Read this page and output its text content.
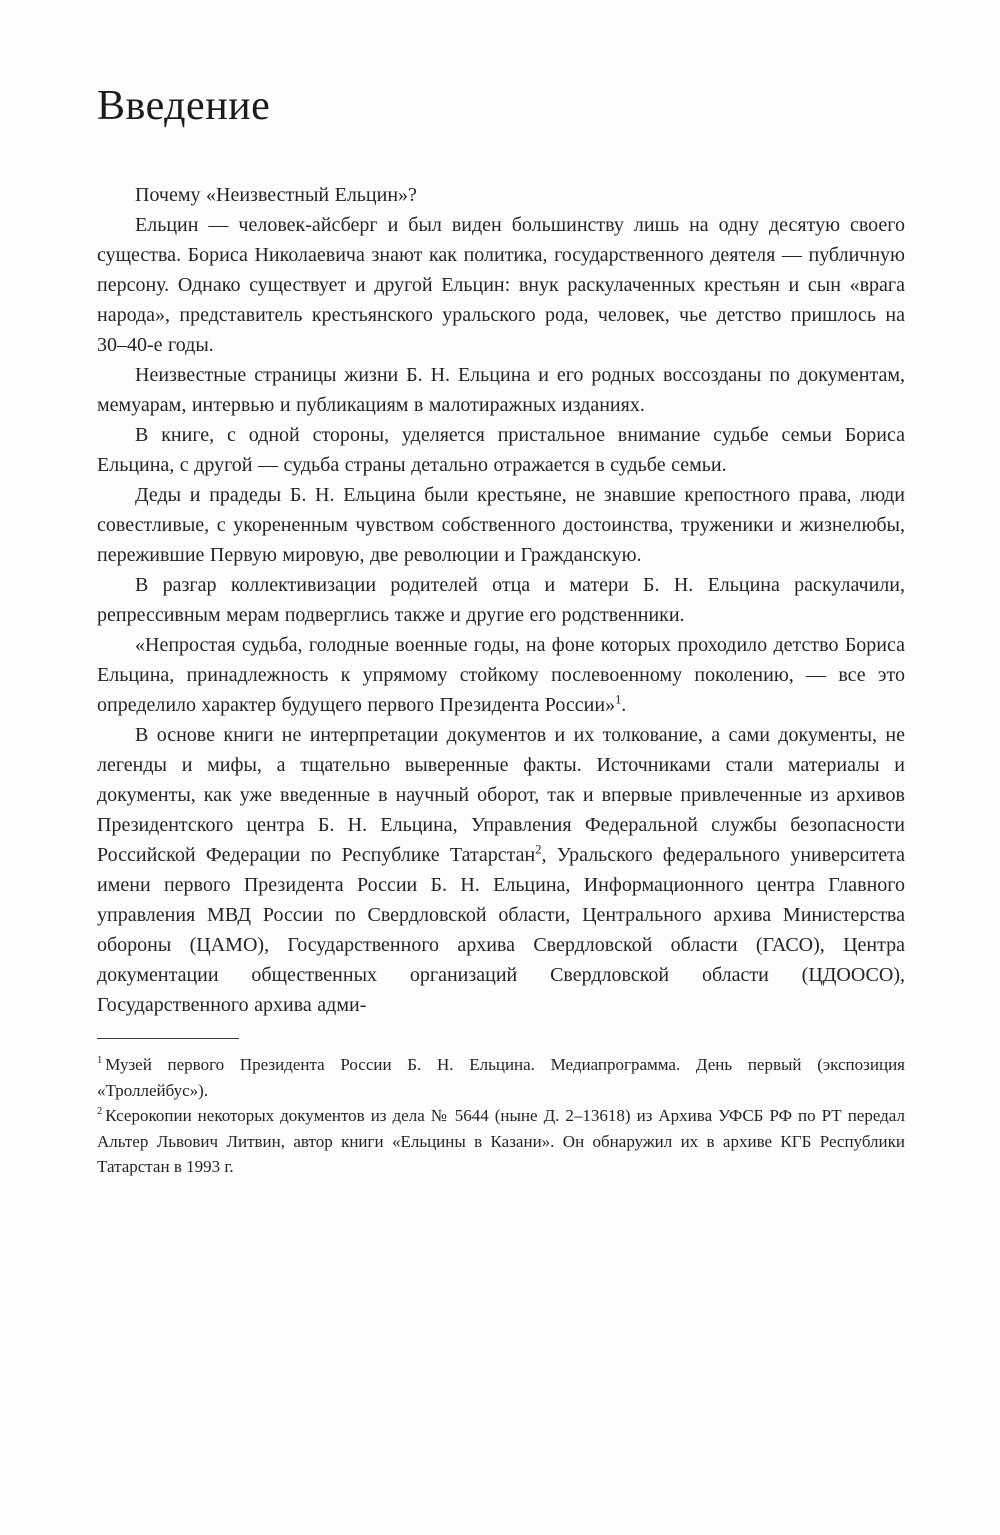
Введение

Почему «Неизвестный Ельцин»?

Ельцин — человек-айсберг и был виден большинству лишь на одну десятую своего существа. Бориса Николаевича знают как политика, государственного деятеля — публичную персону. Однако существует и другой Ельцин: внук раскулаченных крестьян и сын «врага народа», представитель крестьянского уральского рода, человек, чье детство пришлось на 30–40-е годы.

Неизвестные страницы жизни Б. Н. Ельцина и его родных воссозданы по документам, мемуарам, интервью и публикациям в малотиражных изданиях.

В книге, с одной стороны, уделяется пристальное внимание судьбе семьи Бориса Ельцина, с другой — судьба страны детально отражается в судьбе семьи.

Деды и прадеды Б. Н. Ельцина были крестьяне, не знавшие крепостного права, люди совестливые, с укорененным чувством собственного достоинства, труженики и жизнелюбы, пережившие Первую мировую, две революции и Гражданскую.

В разгар коллективизации родителей отца и матери Б. Н. Ельцина раскулачили, репрессивным мерам подверглись также и другие его родственники.

«Непростая судьба, голодные военные годы, на фоне которых проходило детство Бориса Ельцина, принадлежность к упрямому стойкому послевоенному поколению, — все это определило характер будущего первого Президента России»$^1$.

В основе книги не интерпретации документов и их толкование, а сами документы, не легенды и мифы, а тщательно выверенные факты. Источниками стали материалы и документы, как уже введенные в научный оборот, так и впервые привлеченные из архивов Президентского центра Б. Н. Ельцина, Управления Федеральной службы безопасности Российской Федерации по Республике Татарстан$^2$, Уральского федерального университета имени первого Президента России Б. Н. Ельцина, Информационного центра Главного управления МВД России по Свердловской области, Центрального архива Министерства обороны (ЦАМО), Государственного архива Свердловской области (ГАСО), Центра документации общественных организаций Свердловской области (ЦДООСО), Государственного архива адми-

$^1$ Музей первого Президента России Б. Н. Ельцина. Медиапрограмма. День первый (экспозиция «Троллейбус»).

$^2$ Ксерокопии некоторых документов из дела № 5644 (ныне Д. 2–13618) из Архива УФСБ РФ по РТ передал Альтер Львович Литвин, автор книги «Ельцины в Казани». Он обнаружил их в архиве КГБ Республики Татарстан в 1993 г.
